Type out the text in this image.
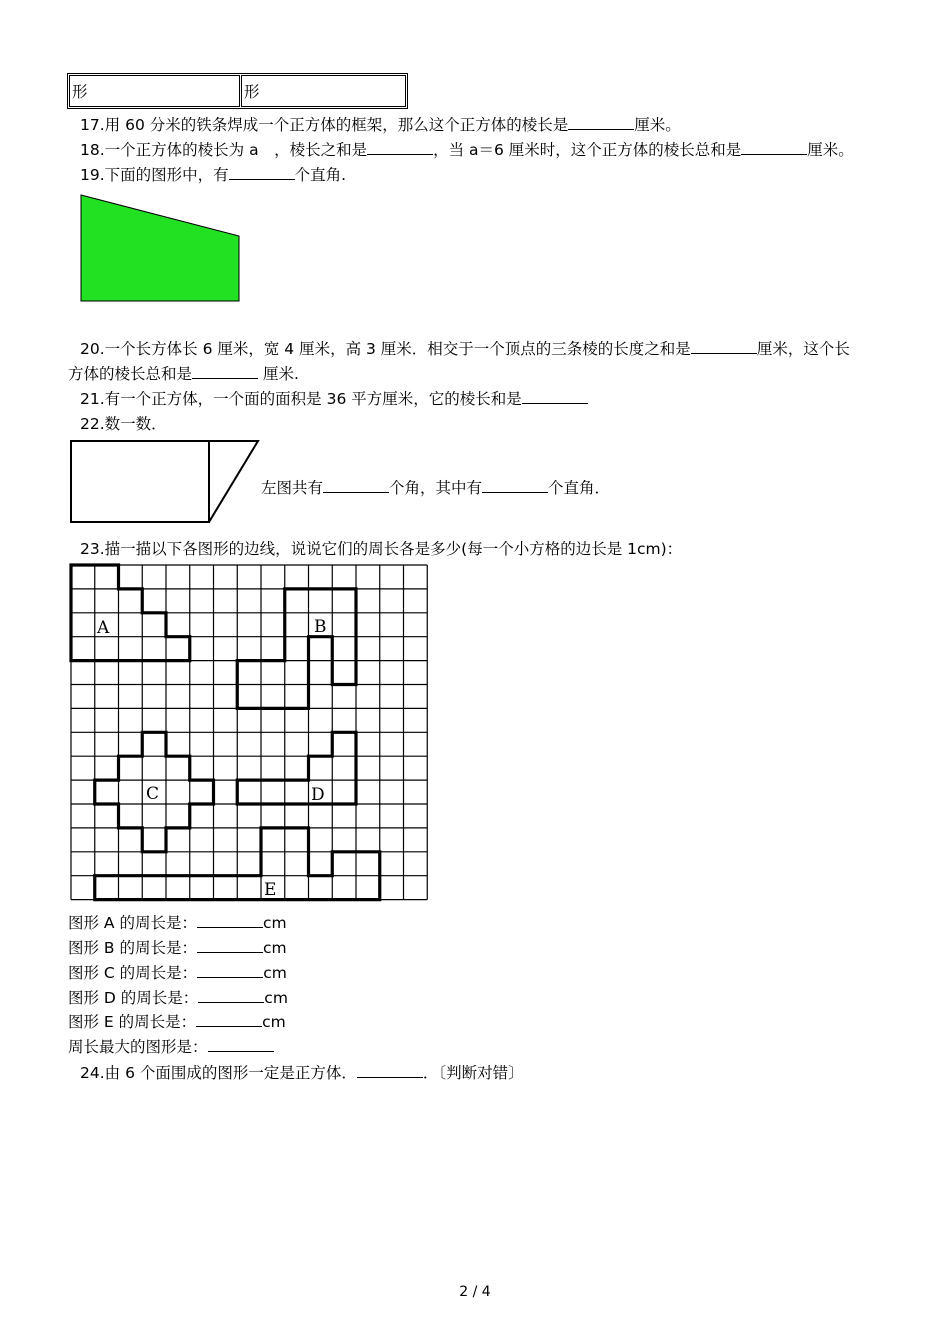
形	形
17.用 60 分米的铁条焊成一个正方体的框架，那么这个正方体的棱长是	厘米。
18.一个正方体的棱长为 a　，棱长之和是	，当 a＝6 厘米时，这个正方体的棱长总和是	厘米。
19.下面的图形中，有	个直角.
20.一个长方体长 6 厘米，宽 4 厘米，高 3 厘米．相交于一个顶点的三条棱的长度之和是	厘米，这个长
方体的棱长总和是	厘米.
21.有一个正方体，一个面的面积是 36 平方厘米，它的棱长和是
22.数一数．
左图共有	个角，其中有	个直角．
23.描一描以下各图形的边线，说说它们的周长各是多少(每一个小方格的边长是 1cm)：
A	B
C	D
E
图形 A 的周长是：	cm
图形 B 的周长是：	cm
图形 C 的周长是：	cm
图形 D 的周长是：	cm
图形 E 的周长是：	cm
周长最大的图形是：
24.由 6 个面围成的图形一定是正方体．	．〔判断对错〕
2 / 4
